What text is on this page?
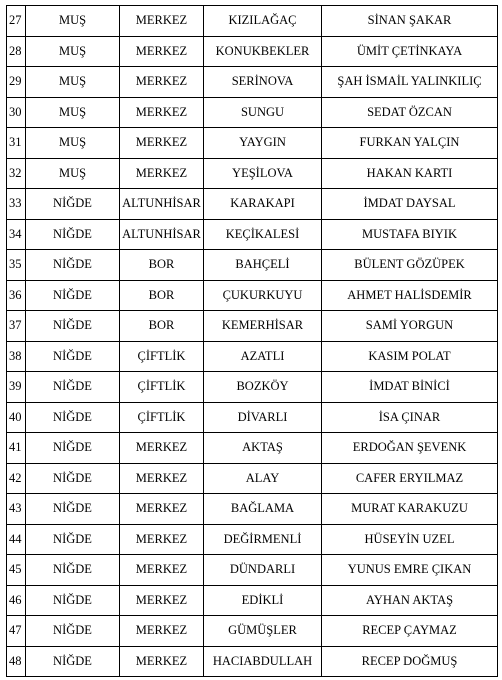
27	MUŞ	MERKEZ	KIZILAĞAÇ	SİNAN ŞAKAR
28	MUŞ	MERKEZ	KONUKBEKLER	ÜMİT ÇETİNKAYA
29	MUŞ	MERKEZ	SERİNOVA	ŞAH İSMAİL YALINKILIÇ
30	MUŞ	MERKEZ	SUNGU	SEDAT ÖZCAN
31	MUŞ	MERKEZ	YAYGIN	FURKAN YALÇIN
32	MUŞ	MERKEZ	YEŞİLOVA	HAKAN KARTI
33	NİĞDE	ALTUNHİSAR	KARAKAPI	İMDAT DAYSAL
34	NİĞDE	ALTUNHİSAR	KEÇİKALESİ	MUSTAFA BIYIK
35	NİĞDE	BOR	BAHÇELİ	BÜLENT GÖZÜPEK
36	NİĞDE	BOR	ÇUKURKUYU	AHMET HALİSDEMİR
37	NİĞDE	BOR	KEMERHİSAR	SAMİ YORGUN
38	NİĞDE	ÇİFTLİK	AZATLI	KASIM POLAT
39	NİĞDE	ÇİFTLİK	BOZKÖY	İMDAT BİNİCİ
40	NİĞDE	ÇİFTLİK	DİVARLI	İSA ÇINAR
41	NİĞDE	MERKEZ	AKTAŞ	ERDOĞAN ŞEVENK
42	NİĞDE	MERKEZ	ALAY	CAFER ERYILMAZ
43	NİĞDE	MERKEZ	BAĞLAMA	MURAT KARAKUZU
44	NİĞDE	MERKEZ	DEĞİRMENLİ	HÜSEYİN UZEL
45	NİĞDE	MERKEZ	DÜNDARLI	YUNUS EMRE ÇIKAN
46	NİĞDE	MERKEZ	EDİKLİ	AYHAN AKTAŞ
47	NİĞDE	MERKEZ	GÜMÜŞLER	RECEP ÇAYMAZ
48	NİĞDE	MERKEZ	HACIABDULLAH	RECEP DOĞMUŞ
